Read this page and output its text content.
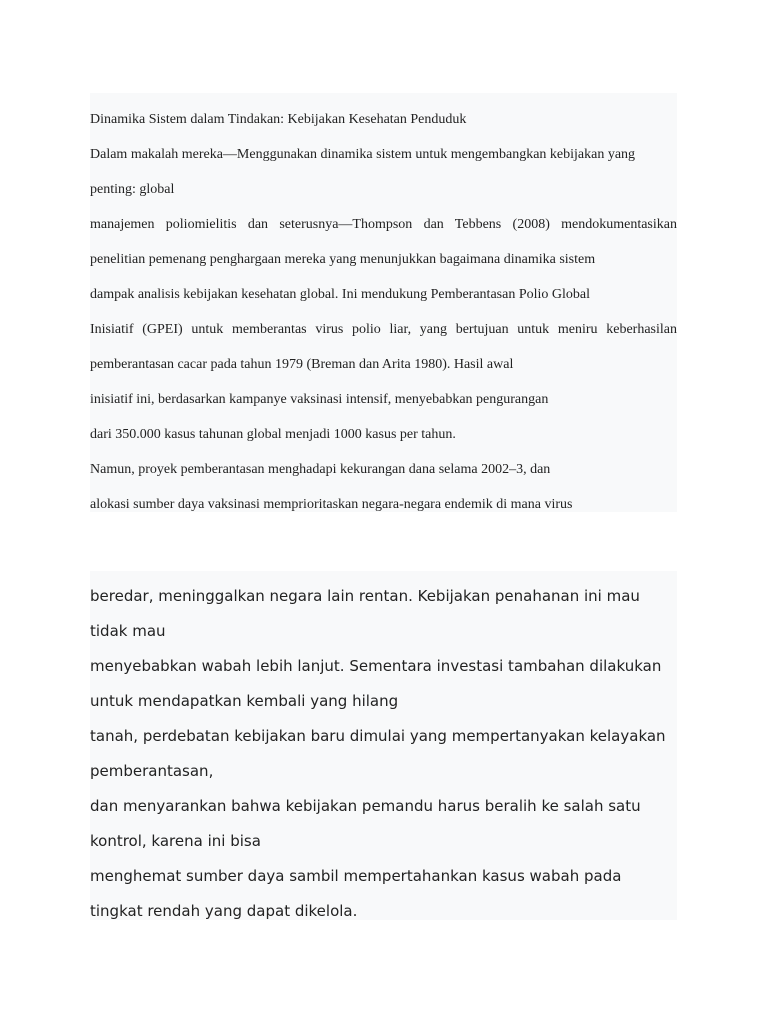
Dinamika Sistem dalam Tindakan: Kebijakan Kesehatan Penduduk
Dalam makalah mereka—Menggunakan dinamika sistem untuk mengembangkan kebijakan yang
penting: global
manajemen poliomielitis dan seterusnya—Thompson dan Tebbens (2008) mendokumentasikan
penelitian pemenang penghargaan mereka yang menunjukkan bagaimana dinamika sistem
dampak analisis kebijakan kesehatan global. Ini mendukung Pemberantasan Polio Global
Inisiatif (GPEI) untuk memberantas virus polio liar, yang bertujuan untuk meniru keberhasilan
pemberantasan cacar pada tahun 1979 (Breman dan Arita 1980). Hasil awal
inisiatif ini, berdasarkan kampanye vaksinasi intensif, menyebabkan pengurangan
dari 350.000 kasus tahunan global menjadi 1000 kasus per tahun.
Namun, proyek pemberantasan menghadapi kekurangan dana selama 2002–3, dan
alokasi sumber daya vaksinasi memprioritaskan negara-negara endemik di mana virus
beredar, meninggalkan negara lain rentan. Kebijakan penahanan ini mau
tidak mau
menyebabkan wabah lebih lanjut. Sementara investasi tambahan dilakukan
untuk mendapatkan kembali yang hilang
tanah, perdebatan kebijakan baru dimulai yang mempertanyakan kelayakan
pemberantasan,
dan menyarankan bahwa kebijakan pemandu harus beralih ke salah satu
kontrol, karena ini bisa
menghemat sumber daya sambil mempertahankan kasus wabah pada
tingkat rendah yang dapat dikelola.
